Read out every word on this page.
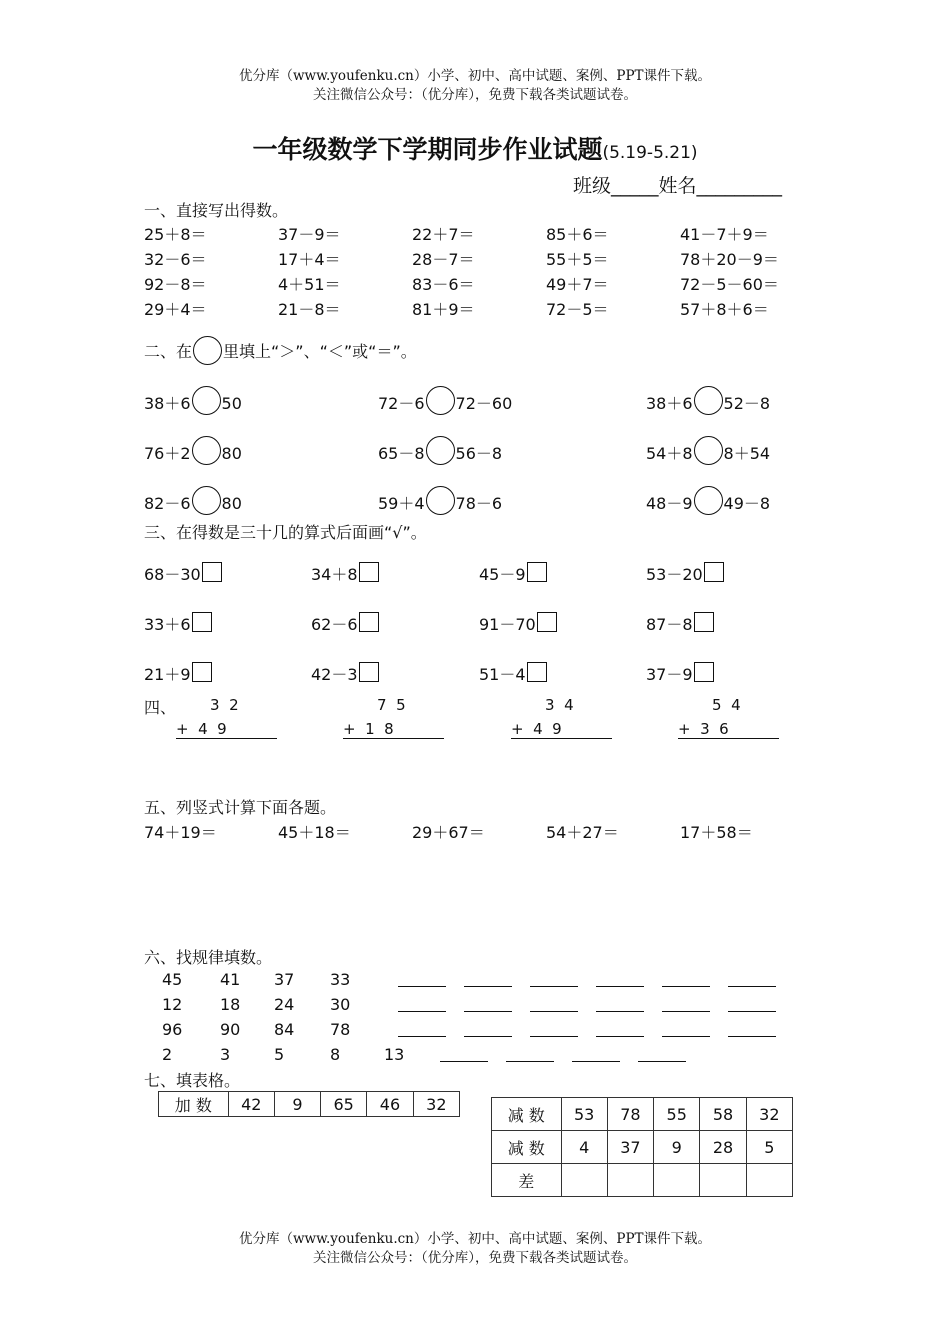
优分库（www.youfenku.cn）小学、初中、高中试题、案例、PPT课件下载。
关注微信公众号：（优分库），免费下载各类试题试卷。
一年级数学下学期同步作业试题(5.19-5.21)
班级_____姓名_________
一、直接写出得数。
25＋8＝	37－9＝	22＋7＝	85＋6＝	41－7＋9＝
32－6＝	17＋4＝	28－7＝	55＋5＝	78＋20－9＝
92－8＝	4＋51＝	83－6＝	49＋7＝	72－5－60＝
29＋4＝	21－8＝	81＋9＝	72－5＝	57＋8＋6＝
二、在 里填上“＞”、“＜”或“＝”。
38＋6 50	72－6 72－60	38＋6 52－8
76＋2 80	65－8 56－8	54＋8 8＋54
82－6 80	59＋4 78－6	48－9 49－8
三、在得数是三十几的算式后面画“√”。
68－30	34＋8	45－9	53－20
33＋6	62－6	91－70	87－8
21＋9	42－3	51－4	37－9
四、 3  2
+  4  9
7  5
+  1  8
3  4
+  4  9
5  4
+  3  6
五、列竖式计算下面各题。
74＋19＝	45＋18＝	29＋67＝	54＋27＝	17＋58＝
六、找规律填数。
45 41 37 33
12 18 24 30
96 90 84 78
2	3	5	8	13
七、填表格。
加 数	42	9	65	46	32
减 数	53	78	55	58	32
减 数	4	37	9	28	5
差					
优分库（www.youfenku.cn）小学、初中、高中试题、案例、PPT课件下载。
关注微信公众号：（优分库），免费下载各类试题试卷。
